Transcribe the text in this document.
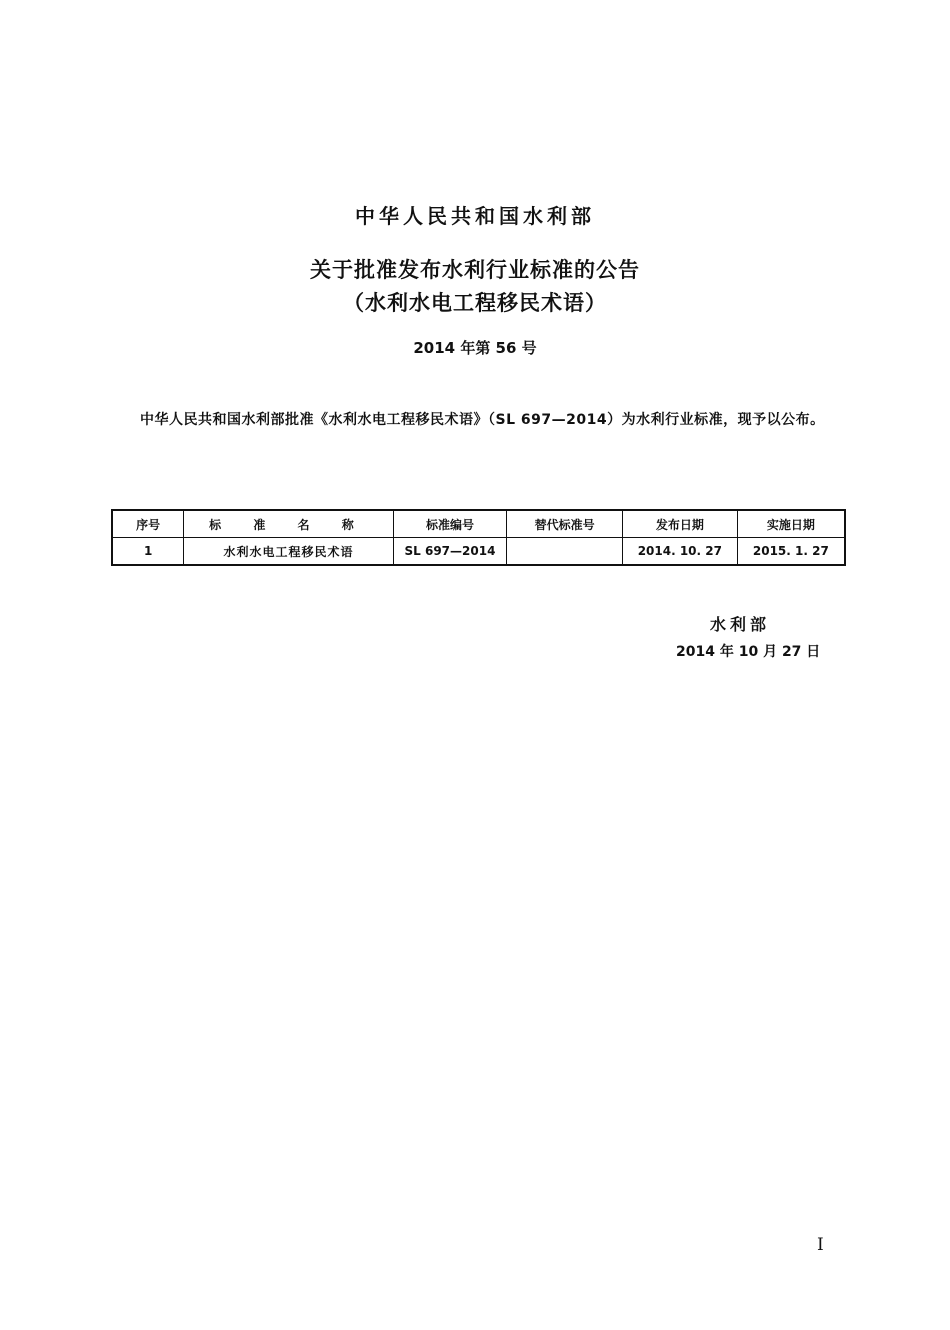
中华人民共和国水利部
关于批准发布水利行业标准的公告
（水利水电工程移民术语）
2014 年第 56 号
中华人民共和国水利部批准《水利水电工程移民术语》（SL 697—2014）为水利行业标准，现予以公布。
序号	标 准 名 称	标准编号	替代标准号	发布日期	实施日期
1	水利水电工程移民术语	SL 697—2014		2014. 10. 27	2015. 1. 27
水利部
2014 年 10 月 27 日
I
